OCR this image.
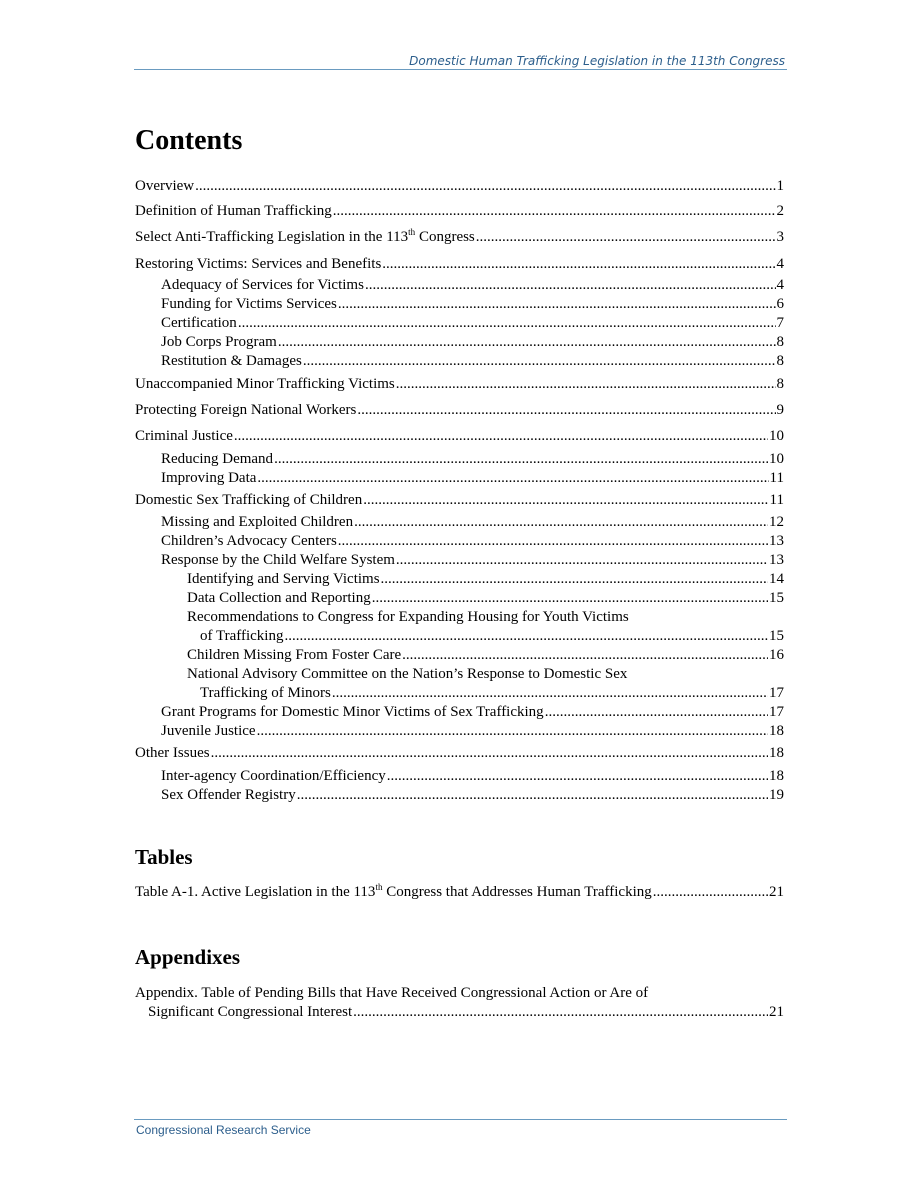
Domestic Human Trafficking Legislation in the 113th Congress
Contents
Overview .....	1
Definition of Human Trafficking .....	2
Select Anti-Trafficking Legislation in the 113th Congress .....	3
Restoring Victims: Services and Benefits .....	4
Adequacy of Services for Victims .....	4
Funding for Victims Services .....	6
Certification .....	7
Job Corps Program .....	8
Restitution & Damages .....	8
Unaccompanied Minor Trafficking Victims .....	8
Protecting Foreign National Workers .....	9
Criminal Justice .....	10
Reducing Demand .....	10
Improving Data .....	11
Domestic Sex Trafficking of Children .....	11
Missing and Exploited Children .....	12
Children’s Advocacy Centers .....	13
Response by the Child Welfare System .....	13
Identifying and Serving Victims .....	14
Data Collection and Reporting .....	15
Recommendations to Congress for Expanding Housing for Youth Victims
of Trafficking .....	15
Children Missing From Foster Care .....	16
National Advisory Committee on the Nation’s Response to Domestic Sex
Trafficking of Minors .....	17
Grant Programs for Domestic Minor Victims of Sex Trafficking .....	17
Juvenile Justice .....	18
Other Issues .....	18
Inter-agency Coordination/Efficiency .....	18
Sex Offender Registry .....	19
Tables
Table A-1. Active Legislation in the 113th Congress that Addresses Human Trafficking .....	21
Appendixes
Appendix. Table of Pending Bills that Have Received Congressional Action or Are of
Significant Congressional Interest .....	21
Congressional Research Service
